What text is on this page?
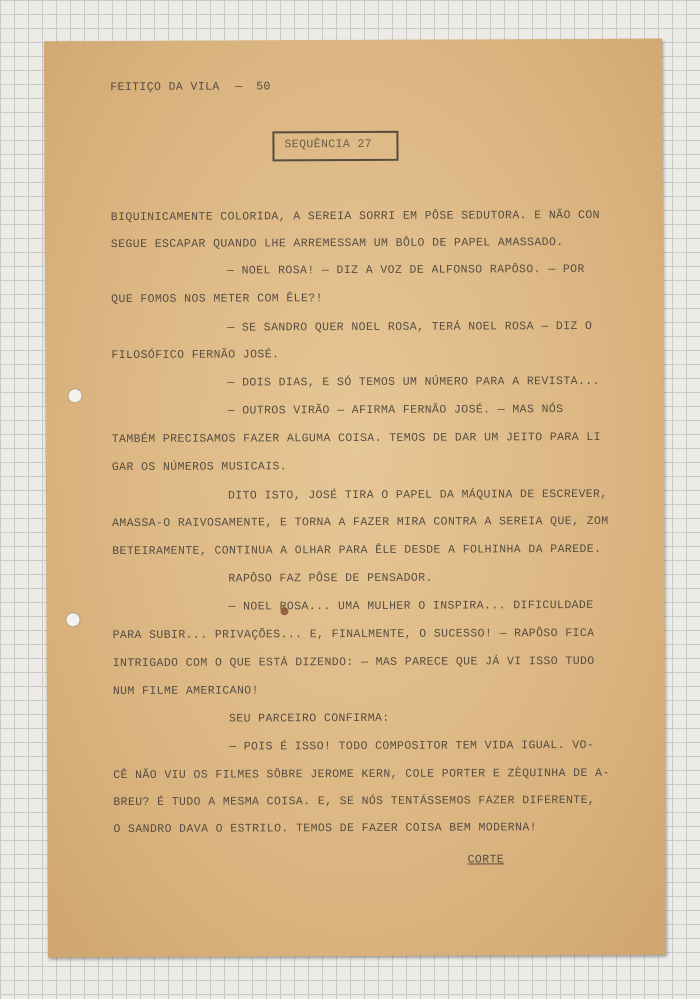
FEITIÇO DA VILA — 50
SEQUÊNCIA 27
BIQUINICAMENTE COLORIDA, A SEREIA SORRI EM PÔSE SEDUTORA. E NÃO CON
SEGUE ESCAPAR QUANDO LHE ARREMESSAM UM BÔLO DE PAPEL AMASSADO.
— NOEL ROSA! — DIZ A VOZ DE ALFONSO RAPÔSO. — POR
QUE FOMOS NOS METER COM ÊLE?!
— SE SANDRO QUER NOEL ROSA, TERÁ NOEL ROSA — DIZ O
FILOSÓFICO FERNÃO JOSÉ.
— DOIS DIAS, E SÓ TEMOS UM NÚMERO PARA A REVISTA...
— OUTROS VIRÃO — AFIRMA FERNÃO JOSÉ. — MAS NÓS
TAMBÉM PRECISAMOS FAZER ALGUMA COISA. TEMOS DE DAR UM JEITO PARA LI
GAR OS NÚMEROS MUSICAIS.
DITO ISTO, JOSÉ TIRA O PAPEL DA MÁQUINA DE ESCREVER,
AMASSA-O RAIVOSAMENTE, E TORNA A FAZER MIRA CONTRA A SEREIA QUE, ZOM
BETEIRAMENTE, CONTINUA A OLHAR PARA ÊLE DESDE A FOLHINHA DA PAREDE.
RAPÔSO FAZ PÔSE DE PENSADOR.
— NOEL ROSA... UMA MULHER O INSPIRA... DIFICULDADE
PARA SUBIR... PRIVAÇÕES... E, FINALMENTE, O SUCESSO! — RAPÔSO FICA
INTRIGADO COM O QUE ESTÁ DIZENDO: — MAS PARECE QUE JÁ VI ISSO TUDO
NUM FILME AMERICANO!
SEU PARCEIRO CONFIRMA:
— POIS É ISSO! TODO COMPOSITOR TEM VIDA IGUAL. VO-
CÊ NÃO VIU OS FILMES SÔBRE JEROME KERN, COLE PORTER E ZÈQUINHA DE A-
BREU? É TUDO A MESMA COISA. E, SE NÓS TENTÁSSEMOS FAZER DIFERENTE,
O SANDRO DAVA O ESTRILO. TEMOS DE FAZER COISA BEM MODERNA!
CORTE
